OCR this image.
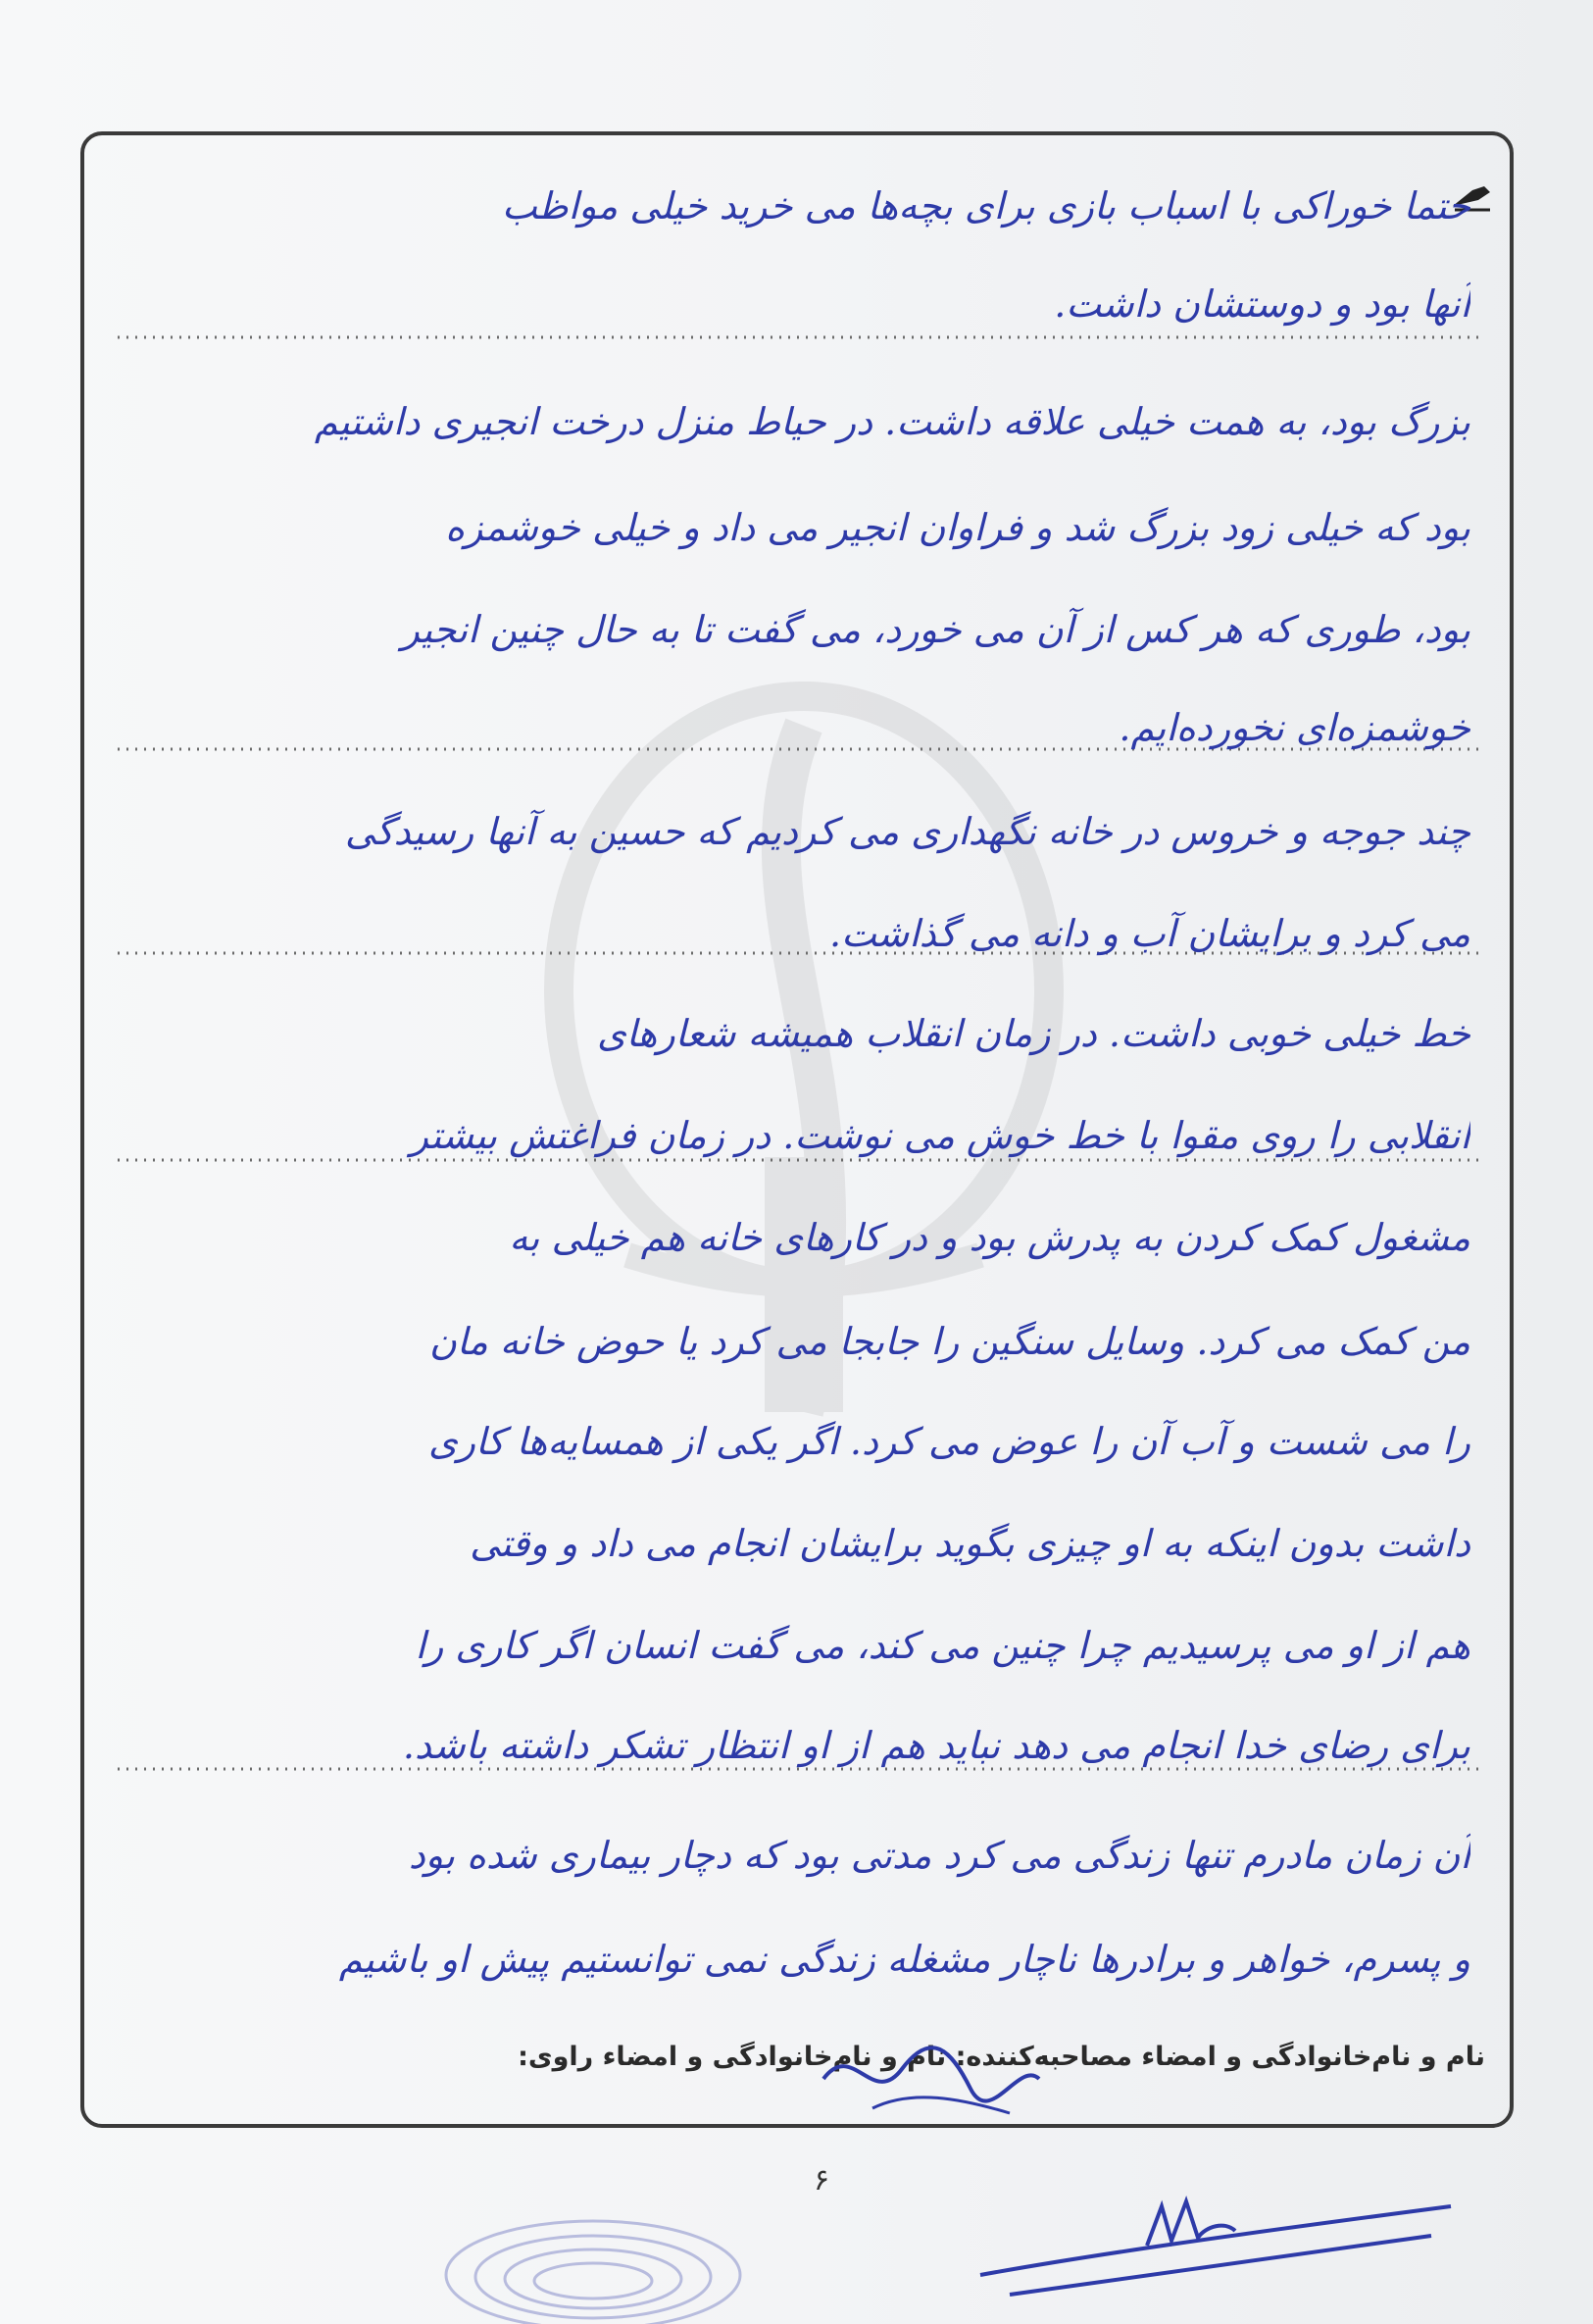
حتما خوراکی با اسباب بازی برای بچه‌ها می خرید خیلی مواظب
آنها بود و دوستشان داشت.
بزرگ بود، به همت خیلی علاقه داشت. در حیاط منزل درخت انجیری داشتیم
بود که خیلی زود بزرگ شد و فراوان انجیر می داد و خیلی خوشمزه
بود، طوری که هر کس از آن می خورد، می گفت تا به حال چنین انجیر
خوشمزه‌ای نخورده‌ایم.
چند جوجه و خروس در خانه نگهداری می کردیم که حسین به آنها رسیدگی
می کرد و برایشان آب و دانه می گذاشت.
خط خیلی خوبی داشت. در زمان انقلاب همیشه شعارهای
انقلابی را روی مقوا با خط خوش می نوشت. در زمان فراغتش بیشتر
مشغول کمک کردن به پدرش بود و در کارهای خانه هم خیلی به
من کمک می کرد. وسایل سنگین را جابجا می کرد یا حوض خانه مان
را می شست و آب آن را عوض می کرد. اگر یکی از همسایه‌ها کاری
داشت بدون اینکه به او چیزی بگوید برایشان انجام می داد و وقتی
هم از او می پرسیدیم چرا چنین می کند، می گفت انسان اگر کاری را
برای رضای خدا انجام می دهد نباید هم از او انتظار تشکر داشته باشد.
آن زمان مادرم تنها زندگی می کرد مدتی بود که دچار بیماری شده بود
و پسرم، خواهر و برادرها ناچار مشغله زندگی نمی توانستیم پیش او باشیم
نام و نام‌خانوادگی و امضاء مصاحبه‌کننده: نام و نام‌خانوادگی و امضاء راوی:
۶
